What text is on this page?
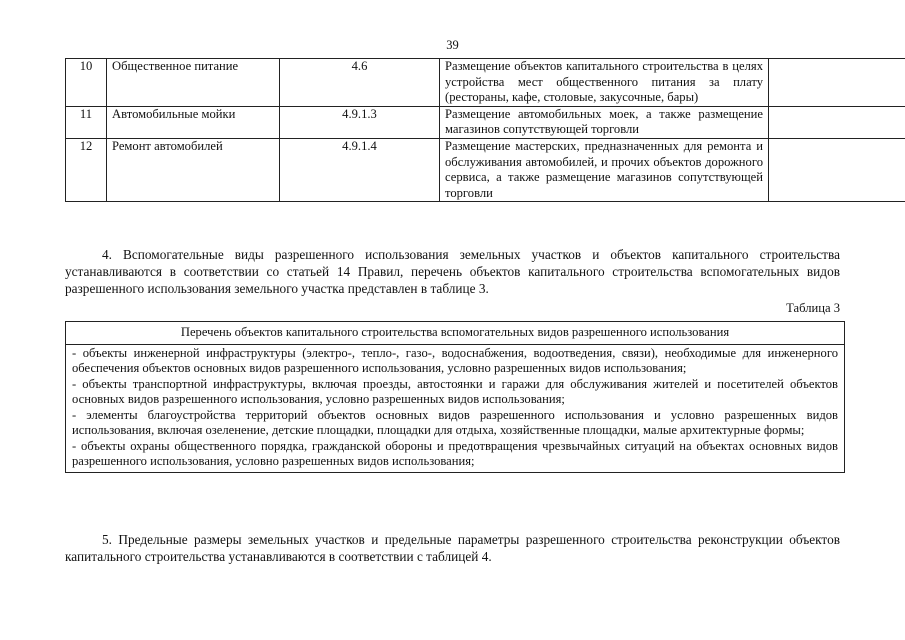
39
10	Общественное питание	4.6	Размещение объектов капитального строительства в целях устройства мест общественного питания за плату (рестораны, кафе, столовые, закусочные, бары)	
11	Автомобильные мойки	4.9.1.3	Размещение автомобильных моек, а также размещение магазинов сопутствующей торговли	
12	Ремонт автомобилей	4.9.1.4	Размещение мастерских, предназначенных для ремонта и обслуживания автомобилей, и прочих объектов дорожного сервиса, а также размещение магазинов сопутствующей торговли	

4. Вспомогательные виды разрешенного использования земельных участков и объектов капитального строительства устанавливаются в соответствии со статьей 14 Правил, перечень объектов капитального строительства вспомогательных видов разрешенного использования земельного участка представлен в таблице 3.

Таблица 3
Перечень объектов капитального строительства вспомогательных видов разрешенного использования
- объекты инженерной инфраструктуры (электро-, тепло-, газо-, водоснабжения, водоотведения, связи), необходимые для инженерного обеспечения объектов основных видов разрешенного использования, условно разрешенных видов использования;
- объекты транспортной инфраструктуры, включая проезды, автостоянки и гаражи для обслуживания жителей и посетителей объектов основных видов разрешенного использования, условно разрешенных видов использования;
- элементы благоустройства территорий объектов основных видов разрешенного использования и условно разрешенных видов использования, включая озеленение, детские площадки, площадки для отдыха, хозяйственные площадки, малые архитектурные формы;
- объекты охраны общественного порядка, гражданской обороны и предотвращения чрезвычайных ситуаций на объектах основных видов разрешенного использования, условно разрешенных видов использования;

5. Предельные размеры земельных участков и предельные параметры разрешенного строительства реконструкции объектов капитального строительства устанавливаются в соответствии с таблицей 4.
